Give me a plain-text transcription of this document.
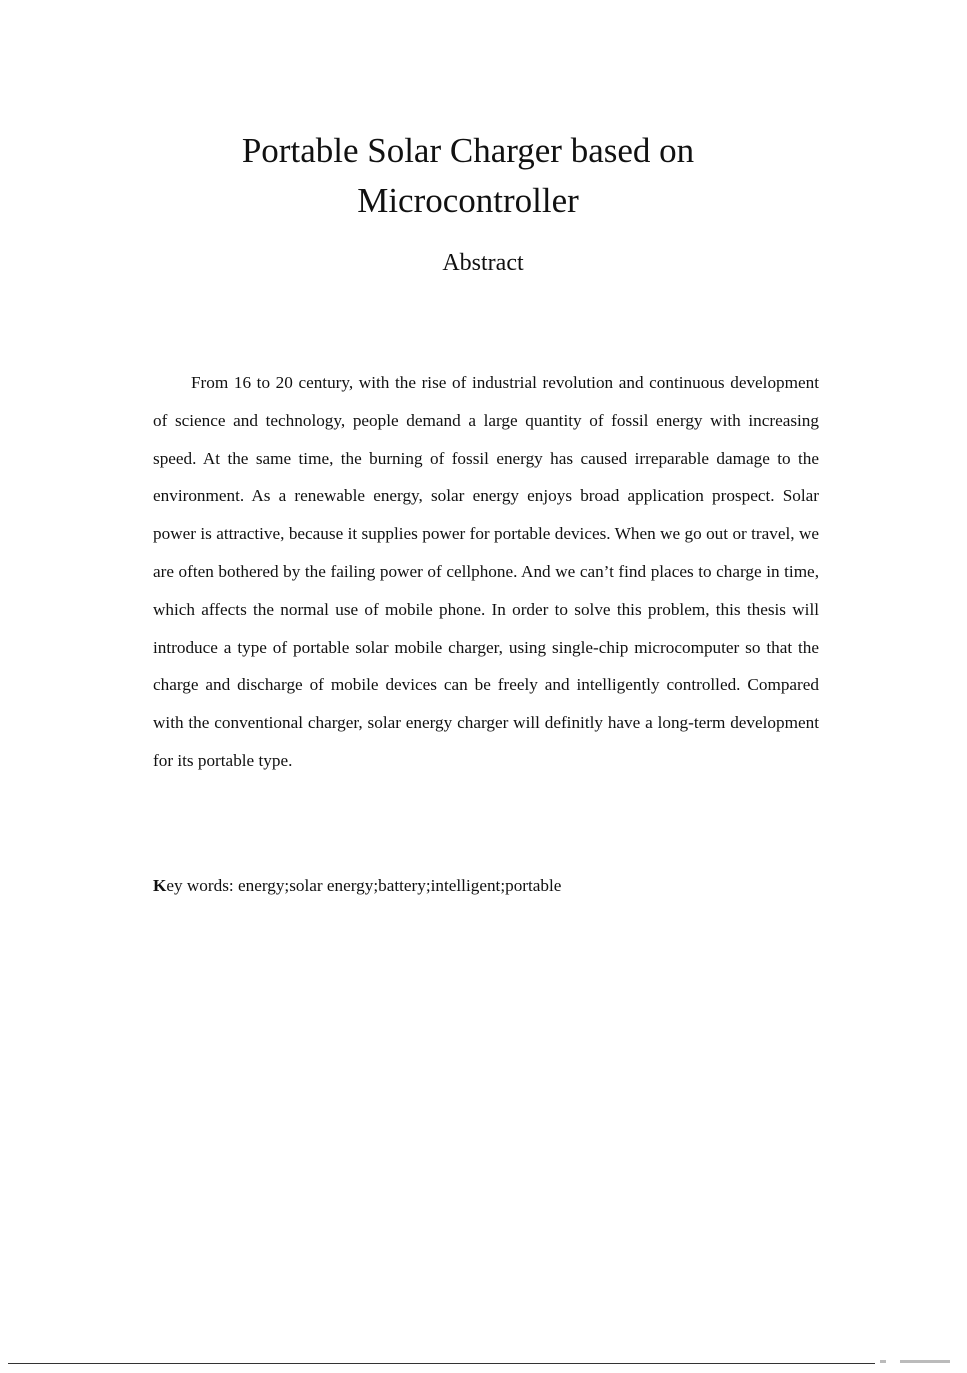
Portable Solar Charger based on
Microcontroller
Abstract

From 16 to 20 century, with the rise of industrial revolution and continuous development of science and technology, people demand a large quantity of fossil energy with increasing speed. At the same time, the burning of fossil energy has caused irreparable damage to the environment. As a renewable energy, solar energy enjoys broad application prospect. Solar power is attractive, because it supplies power for portable devices. When we go out or travel, we are often bothered by the failing power of cellphone. And we can’t find places to charge in time, which affects the normal use of mobile phone. In order to solve this problem, this thesis will introduce a type of portable solar mobile charger, using single-chip microcomputer so that the charge and discharge of mobile devices can be freely and intelligently controlled. Compared with the conventional charger, solar energy charger will definitly have a long-term development for its portable type.

Key words: energy;solar energy;battery;intelligent;portable
